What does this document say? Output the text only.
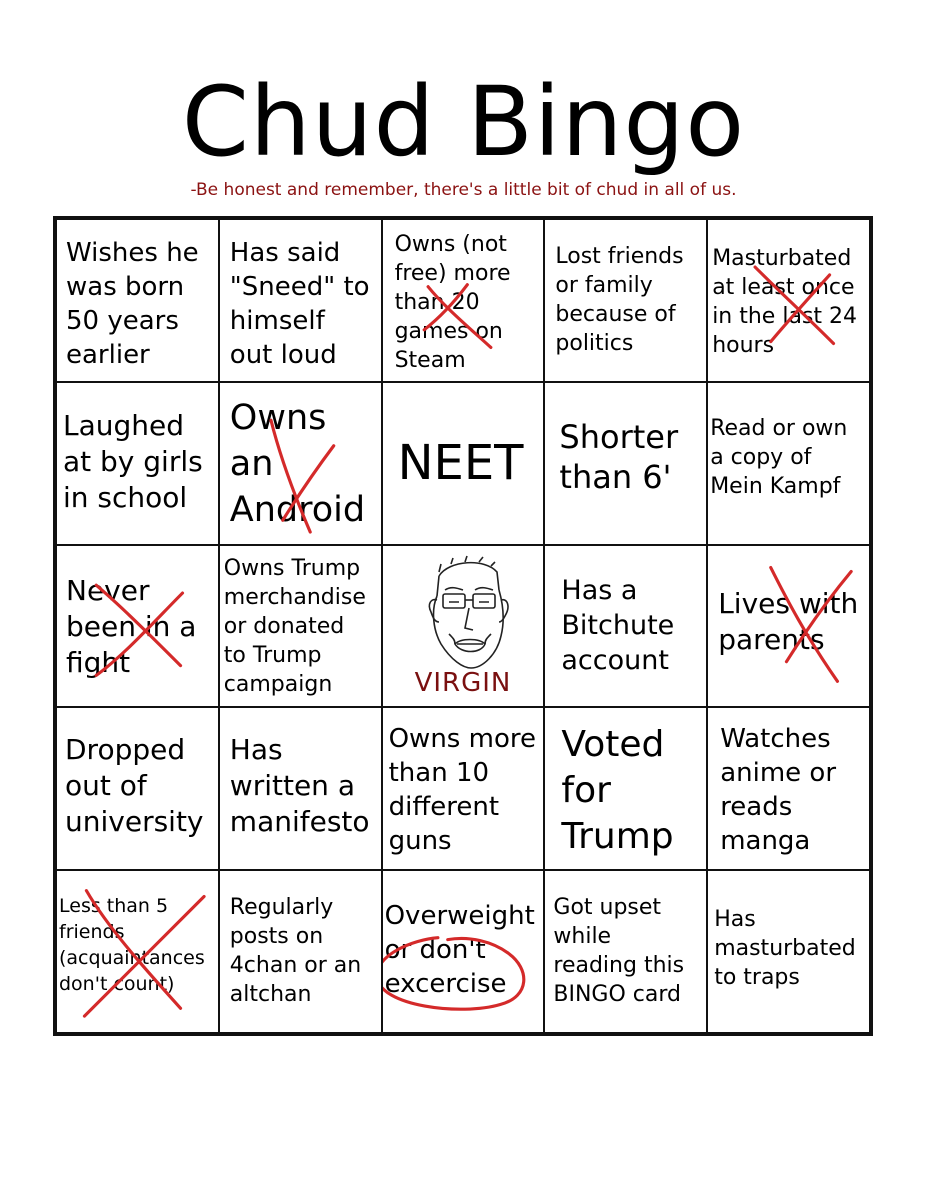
Chud Bingo

-Be honest and remember, there's a little bit of chud in all of us.

Wishes he
was born
50 years
earlier

Has said
"Sneed" to
himself
out loud

Owns (not
free) more
than 20
games on
Steam

Lost friends
or family
because of
politics

Masturbated
at least once
in the last 24
hours

Laughed
at by girls
in school

Owns
an
Android

NEET Shorter
than 6'

Read or own
a copy of
Mein Kampf

Never
been in a
fight

Owns Trump
merchandise
or donated
to Trump
campaign	VIRGIN

Has a
Bitchute
account

Lives with
parents

Dropped
out of
university

Has
written a
manifesto

Owns more
than 10
different
guns

Voted
for
Trump

Watches
anime or
reads
manga

Less than 5
friends
(acquaintances
don't count)

Regularly
posts on
4chan or an
altchan

Overweight
or don't
excercise

Got upset
while
reading this
BINGO card

Has
masturbated
to traps
